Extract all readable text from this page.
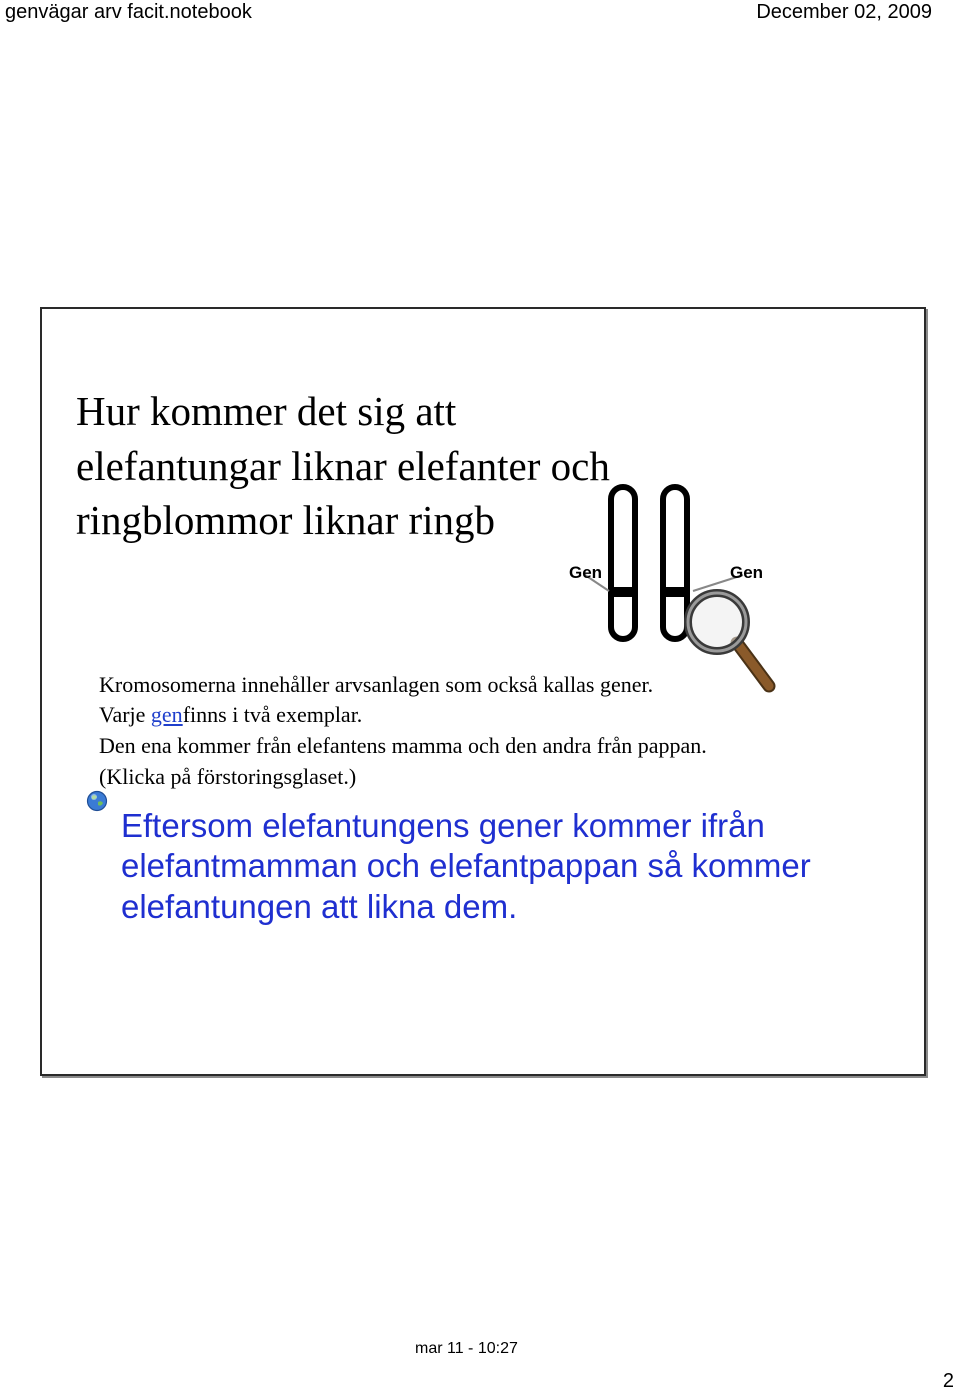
genvägar arv facit.notebook	December 02, 2009
Hur kommer det sig att
elefantungar liknar elefanter och
ringblommor liknar ringb

Kromosomerna innehåller arvsanlagen som också kallas gener.

Varje genfinns i två exemplar.

Den ena kommer från elefantens mamma och den andra från pappan.

(Klicka på förstoringsglaset.)

Gen	Gen

Eftersom elefantungens gener kommer ifrån

elefantmamman och elefantpappan så kommer

elefantungen att likna dem.

mar 11 - 10:27
2
